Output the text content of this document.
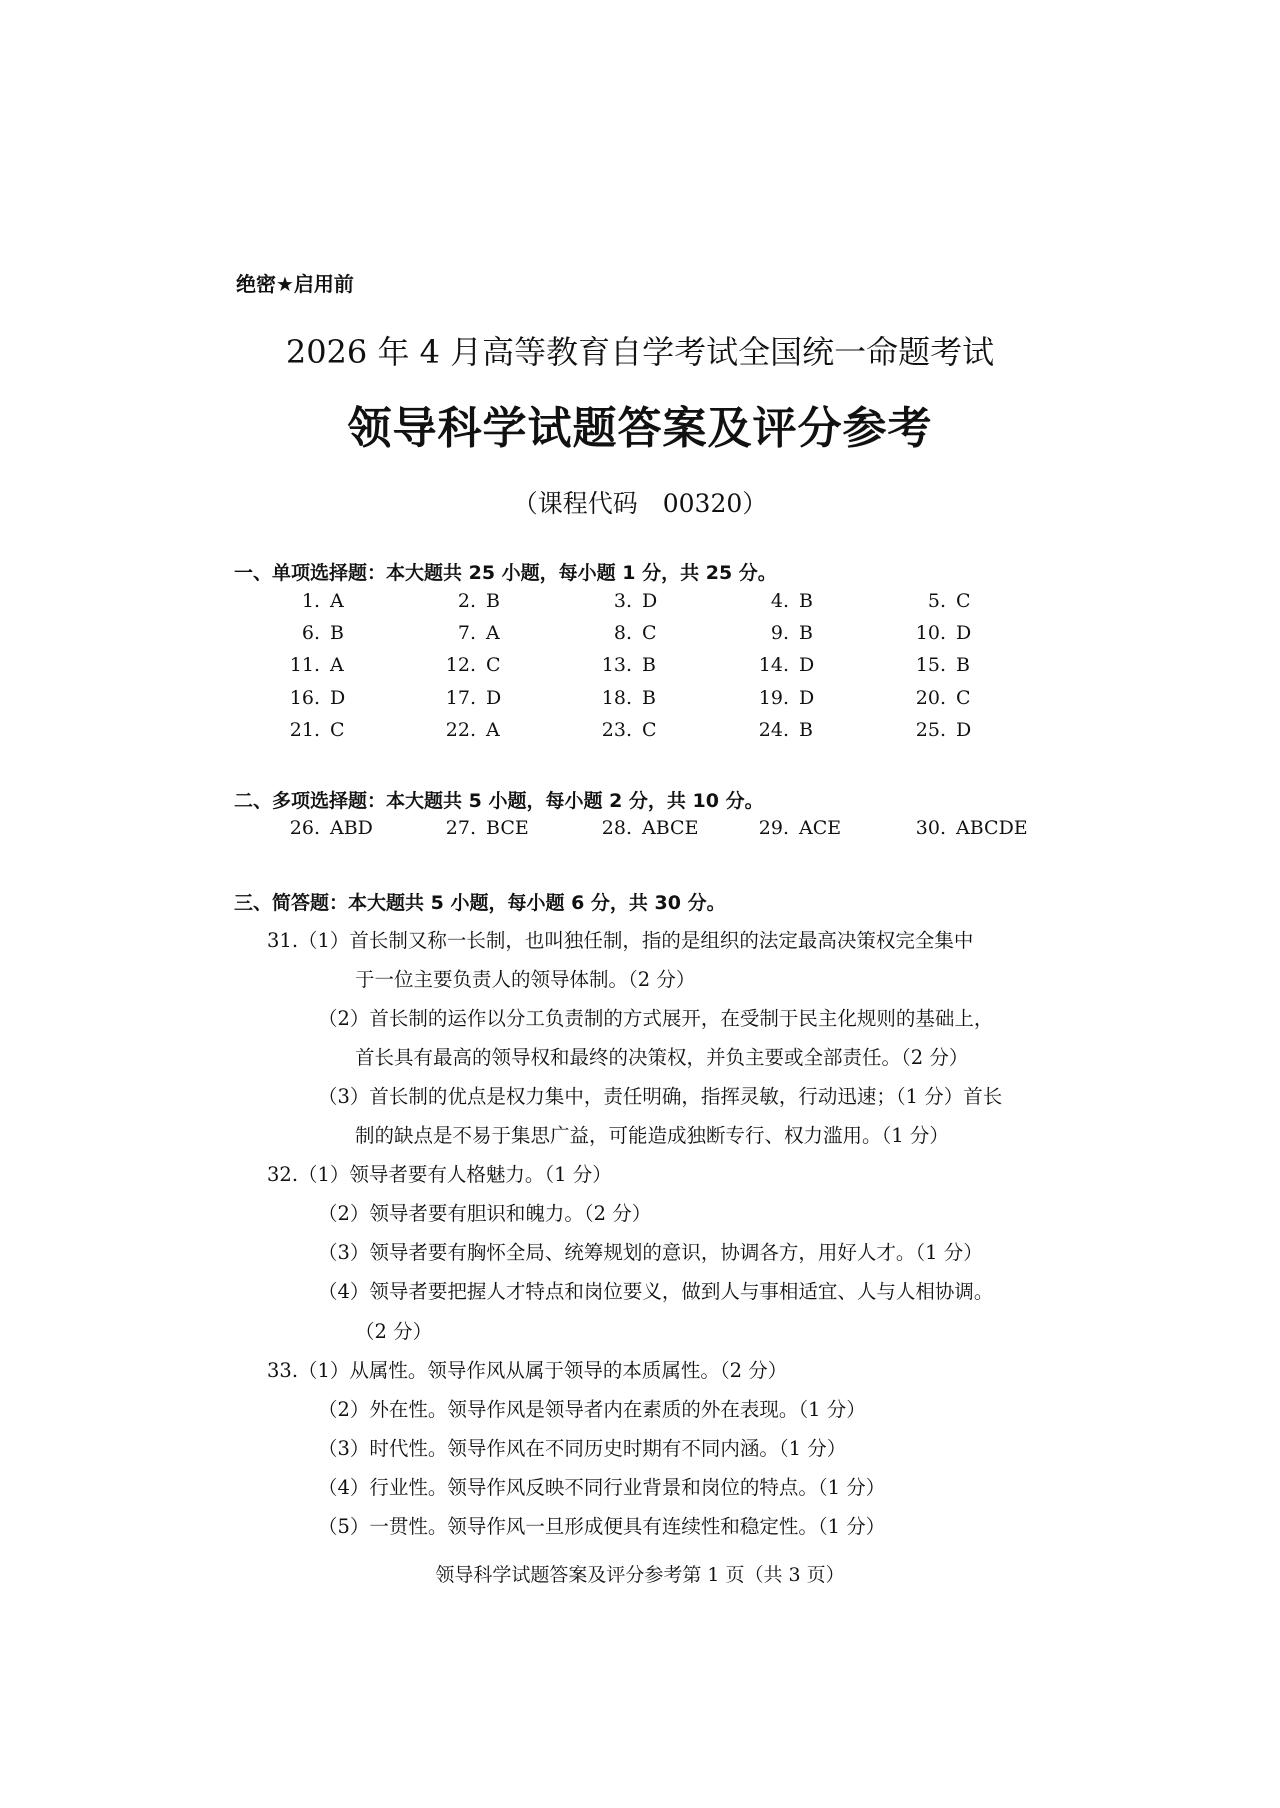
绝密★启用前
2026 年 4 月高等教育自学考试全国统一命题考试
领导科学试题答案及评分参考
（课程代码　00320）
一、单项选择题：本大题共 25 小题，每小题 1 分，共 25 分。
1. A	2. B	3. D	4. B	5. C
6. B	7. A	8. C	9. B	10. D
11. A	12. C	13. B	14. D	15. B
16. D	17. D	18. B	19. D	20. C
21. C	22. A	23. C	24. B	25. D
二、多项选择题：本大题共 5 小题，每小题 2 分，共 10 分。
26. ABD	27. BCE	28. ABCE	29. ACE	30. ABCDE
三、简答题：本大题共 5 小题，每小题 6 分，共 30 分。
31.（1）首长制又称一长制，也叫独任制，指的是组织的法定最高决策权完全集中
于一位主要负责人的领导体制。（2 分）
（2）首长制的运作以分工负责制的方式展开，在受制于民主化规则的基础上，
首长具有最高的领导权和最终的决策权，并负主要或全部责任。（2 分）
（3）首长制的优点是权力集中，责任明确，指挥灵敏，行动迅速；（1 分）首长
制的缺点是不易于集思广益，可能造成独断专行、权力滥用。（1 分）
32.（1）领导者要有人格魅力。（1 分）
（2）领导者要有胆识和魄力。（2 分）
（3）领导者要有胸怀全局、统筹规划的意识，协调各方，用好人才。（1 分）
（4）领导者要把握人才特点和岗位要义，做到人与事相适宜、人与人相协调。
（2 分）
33.（1）从属性。领导作风从属于领导的本质属性。（2 分）
（2）外在性。领导作风是领导者内在素质的外在表现。（1 分）
（3）时代性。领导作风在不同历史时期有不同内涵。（1 分）
（4）行业性。领导作风反映不同行业背景和岗位的特点。（1 分）
（5）一贯性。领导作风一旦形成便具有连续性和稳定性。（1 分）
领导科学试题答案及评分参考第 1 页（共 3 页）
